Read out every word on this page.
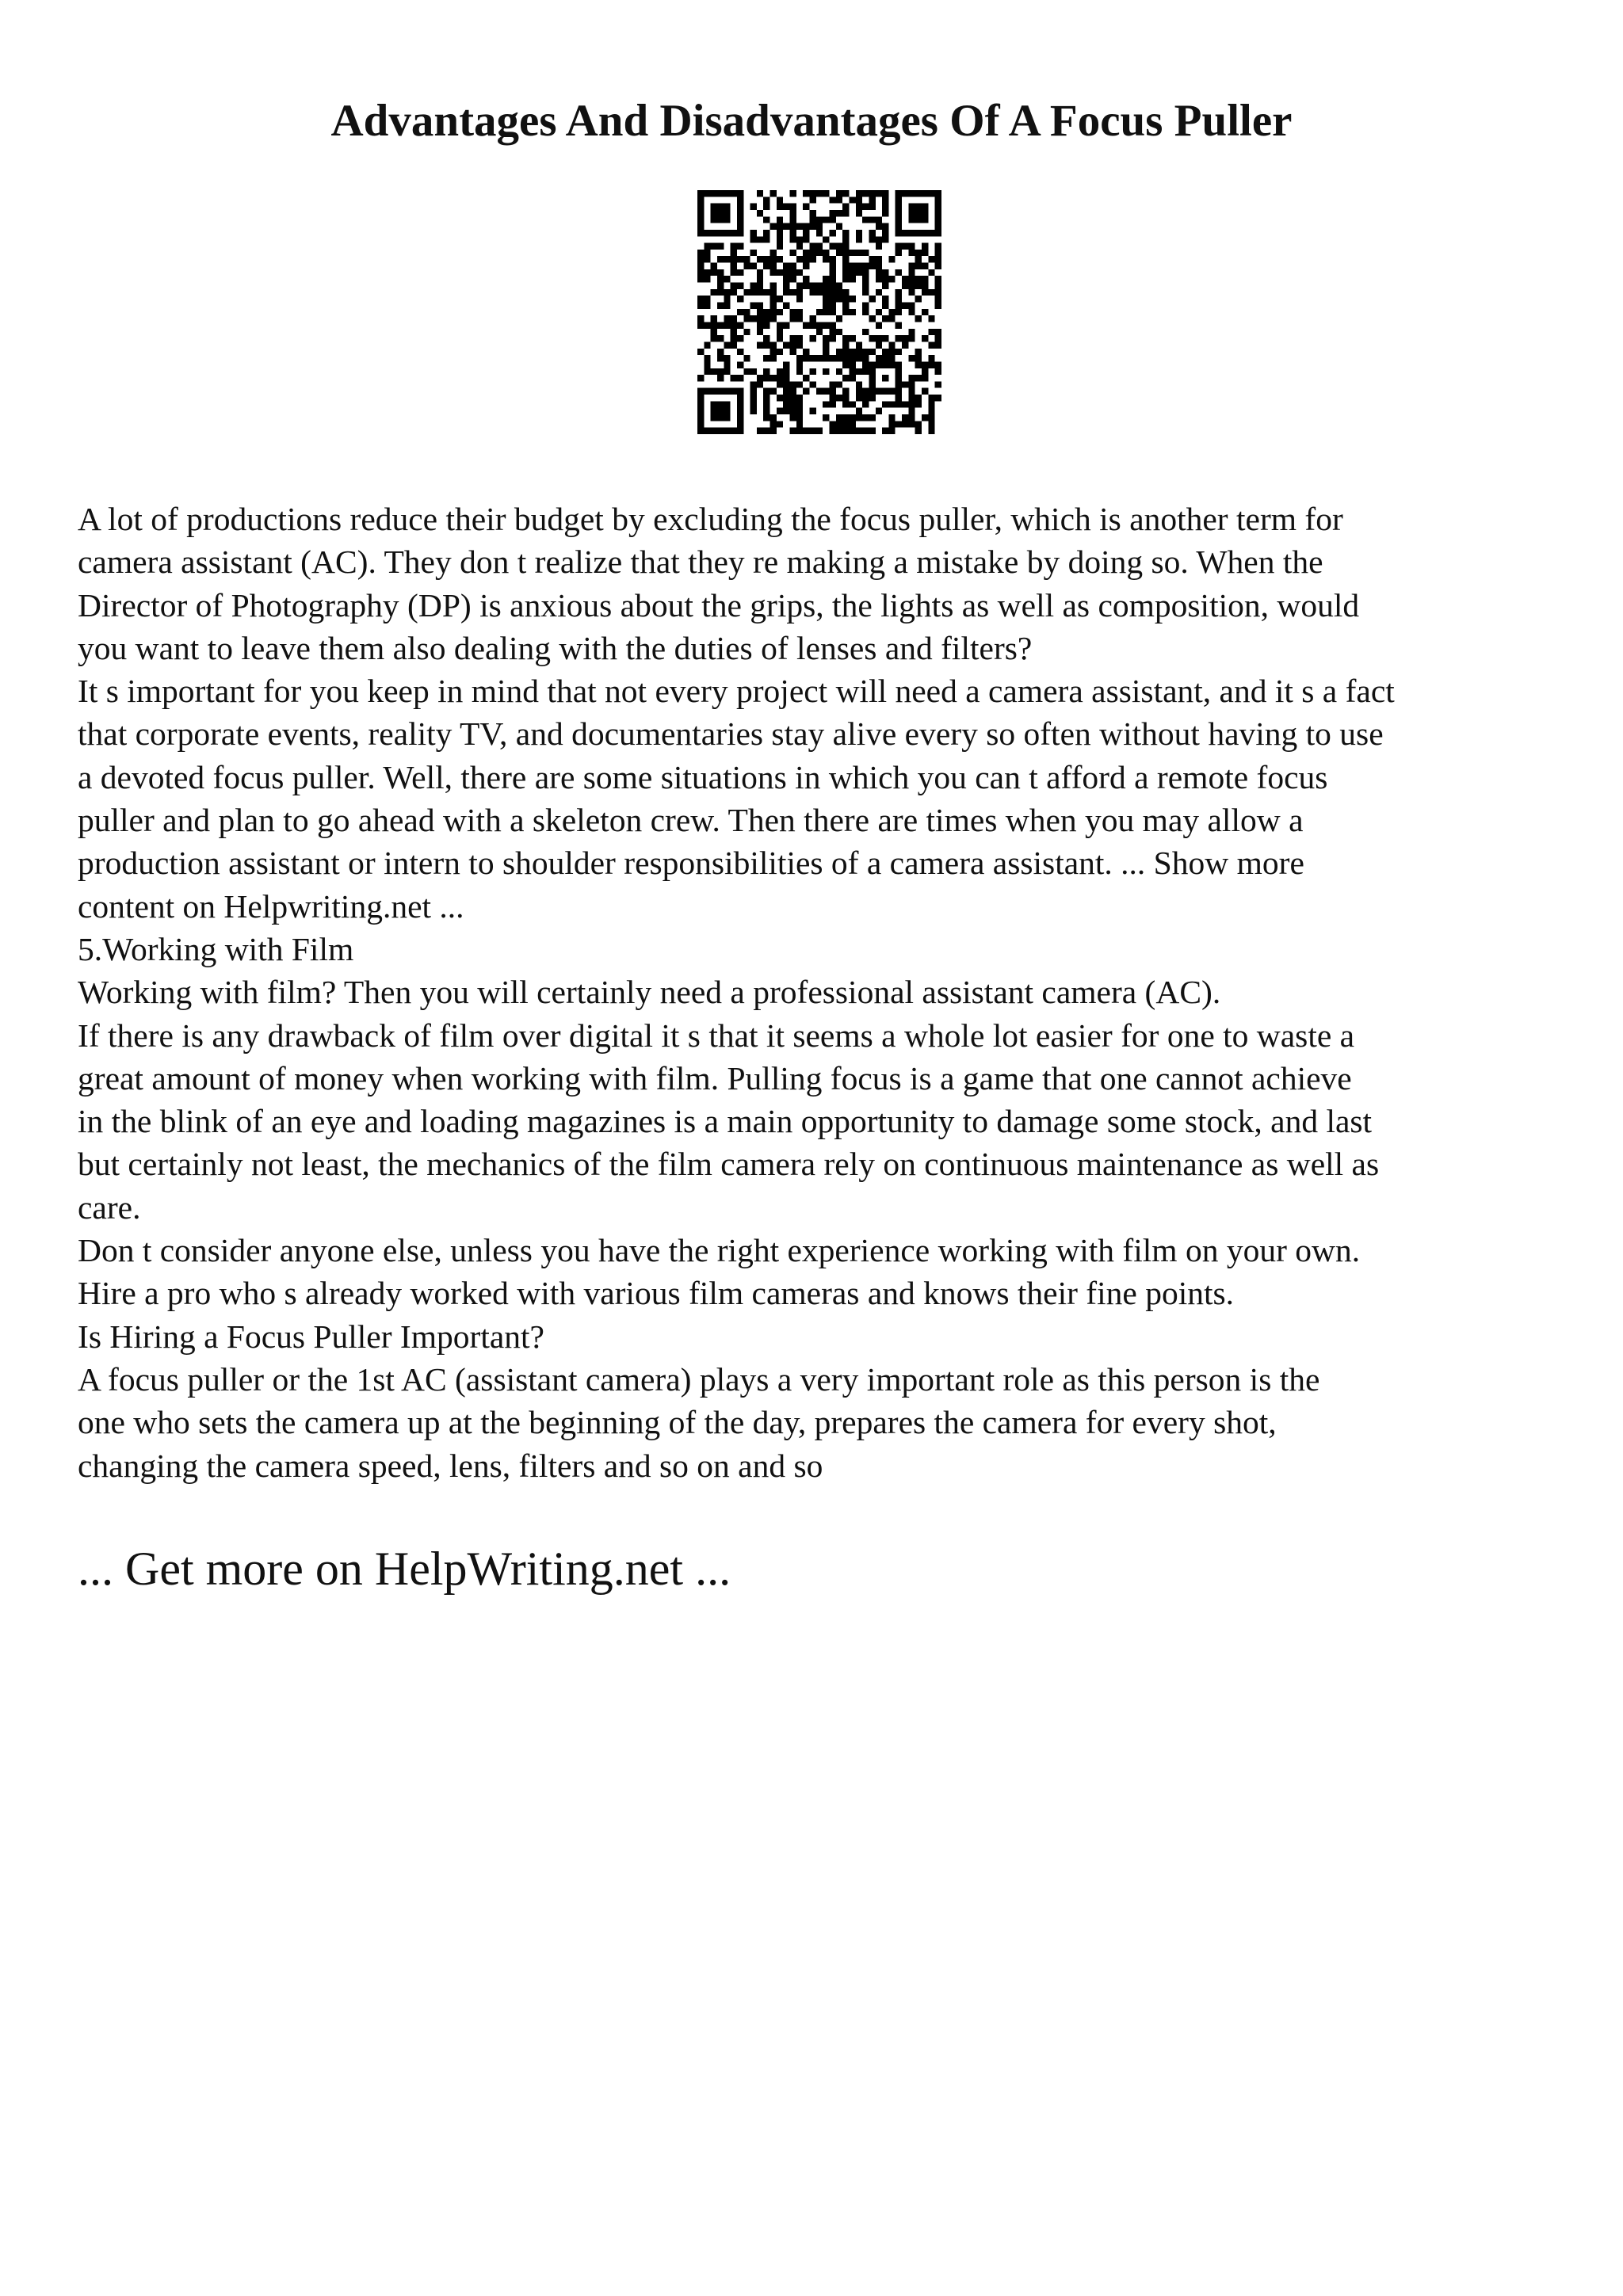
Advantages And Disadvantages Of A Focus Puller
A lot of productions reduce their budget by excluding the focus puller, which is another term for
camera assistant (AC). They don t realize that they re making a mistake by doing so. When the
Director of Photography (DP) is anxious about the grips, the lights as well as composition, would
you want to leave them also dealing with the duties of lenses and filters?
It s important for you keep in mind that not every project will need a camera assistant, and it s a fact
that corporate events, reality TV, and documentaries stay alive every so often without having to use
a devoted focus puller. Well, there are some situations in which you can t afford a remote focus
puller and plan to go ahead with a skeleton crew. Then there are times when you may allow a
production assistant or intern to shoulder responsibilities of a camera assistant. ... Show more
content on Helpwriting.net ...
5.Working with Film
Working with film? Then you will certainly need a professional assistant camera (AC).
If there is any drawback of film over digital it s that it seems a whole lot easier for one to waste a
great amount of money when working with film. Pulling focus is a game that one cannot achieve
in the blink of an eye and loading magazines is a main opportunity to damage some stock, and last
but certainly not least, the mechanics of the film camera rely on continuous maintenance as well as
care.
Don t consider anyone else, unless you have the right experience working with film on your own.
Hire a pro who s already worked with various film cameras and knows their fine points.
Is Hiring a Focus Puller Important?
A focus puller or the 1st AC (assistant camera) plays a very important role as this person is the
one who sets the camera up at the beginning of the day, prepares the camera for every shot,
changing the camera speed, lens, filters and so on and so
... Get more on HelpWriting.net ...
